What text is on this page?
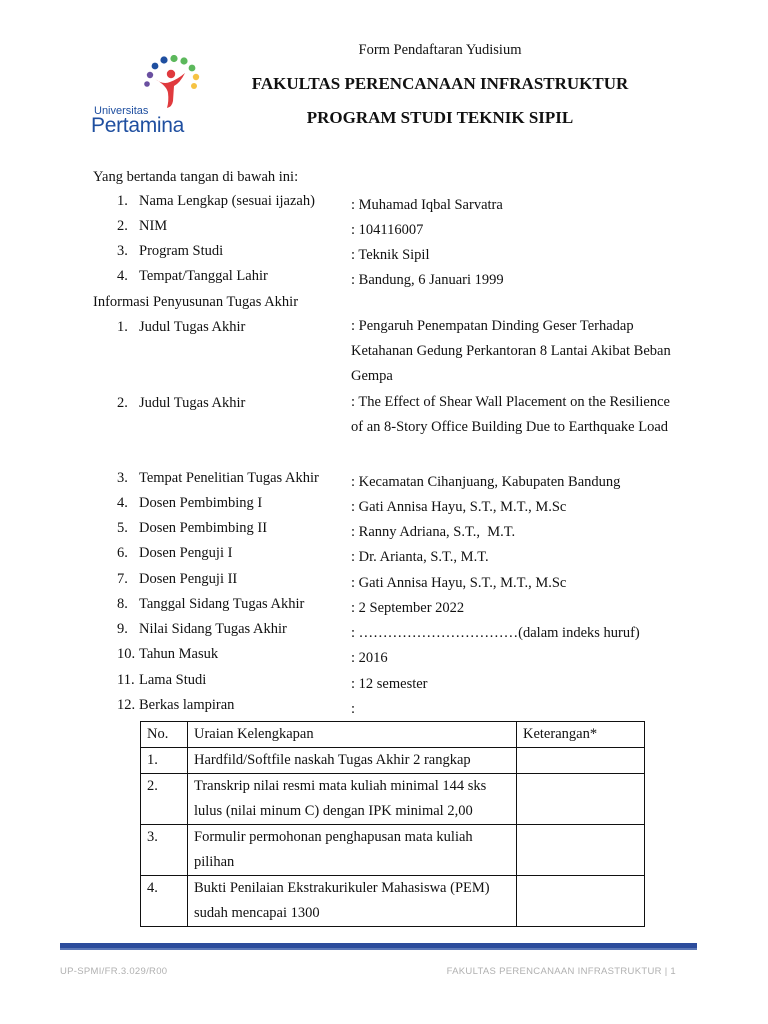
Form Pendaftaran Yudisium
Universitas
Pertamina
FAKULTAS PERENCANAAN INFRASTRUKTUR
PROGRAM STUDI TEKNIK SIPIL
Yang bertanda tangan di bawah ini:
1. Nama Lengkap (sesuai ijazah) : Muhamad Iqbal Sarvatra
2. NIM	: 104116007
3. Program Studi	: Teknik Sipil
4. Tempat/Tanggal Lahir	: Bandung, 6 Januari 1999
Informasi Penyusunan Tugas Akhir
1. Judul Tugas Akhir	: Pengaruh Penempatan Dinding Geser Terhadap Ketahanan Gedung Perkantoran 8 Lantai Akibat Beban Gempa
2. Judul Tugas Akhir	: The Effect of Shear Wall Placement on the Resilience of an 8-Story Office Building Due to Earthquake Load
3. Tempat Penelitian Tugas Akhir : Kecamatan Cihanjuang, Kabupaten Bandung
4. Dosen Pembimbing I	: Gati Annisa Hayu, S.T., M.T., M.Sc
5. Dosen Pembimbing II	: Ranny Adriana, S.T.,  M.T.
6. Dosen Penguji I	: Dr. Arianta, S.T., M.T.
7. Dosen Penguji II	: Gati Annisa Hayu, S.T., M.T., M.Sc
8. Tanggal Sidang Tugas Akhir	: 2 September 2022
9. Nilai Sidang Tugas Akhir	: ……………………………(dalam indeks huruf)
10. Tahun Masuk	: 2016
11. Lama Studi	: 12 semester
12. Berkas lampiran	:
No.	Uraian Kelengkapan	Keterangan*
1.	Hardfild/Softfile naskah Tugas Akhir 2 rangkap	
2.	Transkrip nilai resmi mata kuliah minimal 144 sks lulus (nilai minum C) dengan IPK minimal 2,00	
3.	Formulir permohonan penghapusan mata kuliah pilihan	
4.	Bukti Penilaian Ekstrakurikuler Mahasiswa (PEM) sudah mencapai 1300	
UP-SPMI/FR.3.029/R00	FAKULTAS PERENCANAAN INFRASTRUKTUR | 1
